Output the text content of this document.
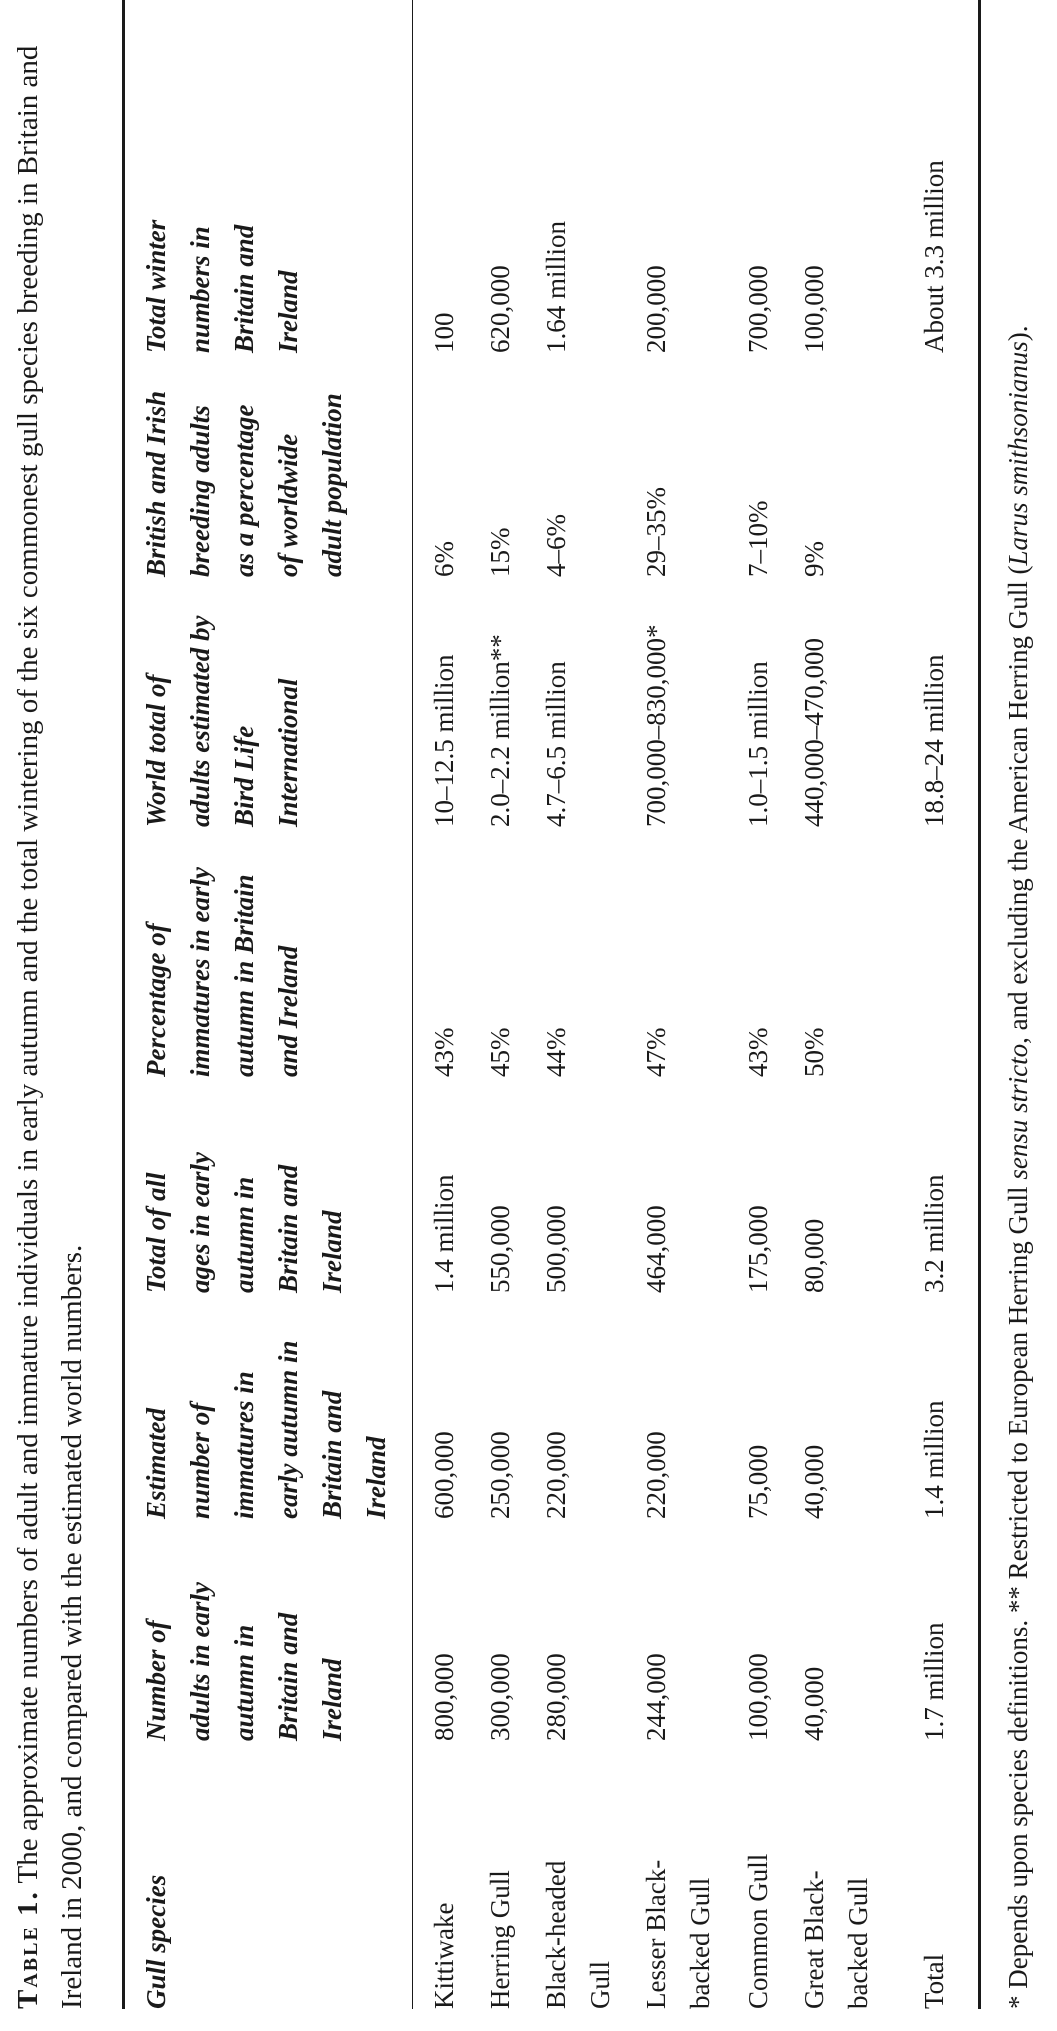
Table 1. The approximate numbers of adult and immature individuals in early autumn and the total wintering of the six commonest gull species breeding in Britain and Ireland in 2000, and compared with the estimated world numbers. Gull species
Number of adults in early autumn in Britain and Ireland
Estimated number of immatures in early autumn in Britain and Ireland
Total of all ages in early autumn in Britain and Ireland
Percentage of immatures in early autumn in Britain and Ireland
World total of adults estimated by Bird Life International
British and Irish breeding adults as a percentage of worldwide adult population
Total winter numbers in Britain and Ireland
Kittiwake
800,000
600,000
1.4 million
43%
10–12.5 million
6%
100
Herring Gull
300,000
250,000
550,000
45%
2.0–2.2 million**
15%
620,000
Black-headed Gull
280,000
220,000
500,000
44%
4.7–6.5 million
4–6%
1.64 million
Lesser Black-backed Gull
244,000
220,000
464,000
47%
700,000–830,000*
29–35%
200,000
Common Gull
100,000
75,000
175,000
43%
1.0–1.5 million
7–10%
700,000
Great Black-backed Gull
40,000
40,000
80,000
50%
440,000–470,000
9%
100,000
Total
1.7 million
1.4 million
3.2 million
18.8–24 million
About 3.3 million
* Depends upon species definitions. ** Restricted to European Herring Gull sensu stricto, and excluding the American Herring Gull (Larus smithsonianus).
